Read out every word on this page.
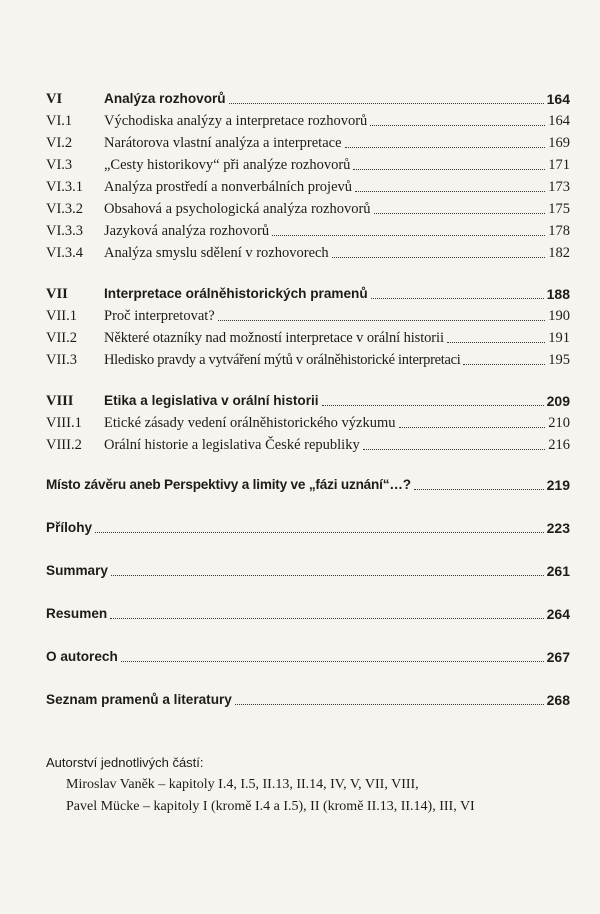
VI	Analýza rozhovorů	164
VI.1	Východiska analýzy a interpretace rozhovorů	164
VI.2	Narátorova vlastní analýza a interpretace	169
VI.3	„Cesty historikovy“ při analýze rozhovorů	171
VI.3.1	Analýza prostředí a nonverbálních projevů	173
VI.3.2	Obsahová a psychologická analýza rozhovorů	175
VI.3.3	Jazyková analýza rozhovorů	178
VI.3.4	Analýza smyslu sdělení v rozhovorech	182
VII	Interpretace orálněhistorických pramenů	188
VII.1	Proč interpretovat?	190
VII.2	Některé otazníky nad možností interpretace v orální historii	191
VII.3	Hledisko pravdy a vytváření mýtů v orálněhistorické interpretaci	195
VIII	Etika a legislativa v orální historii	209
VIII.1	Etické zásady vedení orálněhistorického výzkumu	210
VIII.2	Orální historie a legislativa České republiky	216
Místo závěru aneb Perspektivy a limity ve „fázi uznání“…?	219
Přílohy	223
Summary	261
Resumen	264
O autorech	267
Seznam pramenů a literatury	268
Autorství jednotlivých částí:
Miroslav Vaněk – kapitoly I.4, I.5, II.13, II.14, IV, V, VII, VIII,
Pavel Mücke – kapitoly I (kromě I.4 a I.5), II (kromě II.13, II.14), III, VI
